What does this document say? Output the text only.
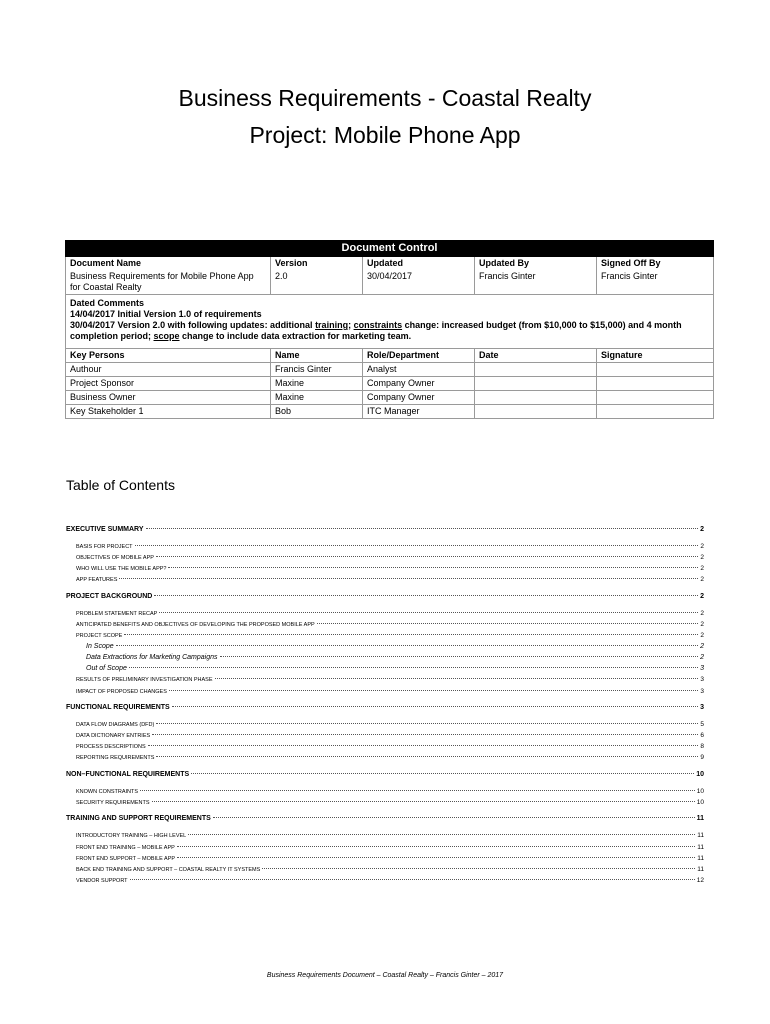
Business Requirements - Coastal Realty
Project: Mobile Phone App
Document Control				
Document Name	Version	Updated	Updated By	Signed Off By
Business Requirements for Mobile Phone App for Coastal Realty	2.0	30/04/2017	Francis Ginter	Francis Ginter

Dated Comments
14/04/2017 Initial Version 1.0 of requirements
30/04/2017 Version 2.0 with following updates: additional training; constraints change: increased budget (from $10,000 to $15,000) and 4 month completion period; scope change to include data extraction for marketing team.				

Key Persons	Name	Role/Department	Date	Signature
Authour	Francis Ginter	Analyst		
Project Sponsor	Maxine	Company Owner		
Business Owner	Maxine	Company Owner		
Key Stakeholder 1	Bob	ITC Manager		
Table of Contents
EXECUTIVE SUMMARY	2
BASIS FOR PROJECT	2
OBJECTIVES OF MOBILE APP	2
WHO WILL USE THE MOBILE APP?	2
APP FEATURES	2
PROJECT BACKGROUND	2
PROBLEM STATEMENT RECAP	2
ANTICIPATED BENEFITS AND OBJECTIVES OF DEVELOPING THE PROPOSED MOBILE APP	2
PROJECT SCOPE	2
In Scope	2
Data Extractions for Marketing Campaigns	2
Out of Scope	3
RESULTS OF PRELIMINARY INVESTIGATION PHASE	3
IMPACT OF PROPOSED CHANGES	3
FUNCTIONAL REQUIREMENTS	3
DATA FLOW DIAGRAMS (DFD)	5
DATA DICTIONARY ENTRIES	6
PROCESS DESCRIPTIONS	8
REPORTING REQUIREMENTS	9
NON–FUNCTIONAL REQUIREMENTS	10
KNOWN CONSTRAINTS	10
SECURITY REQUIREMENTS	10
TRAINING AND SUPPORT REQUIREMENTS	11
INTRODUCTORY TRAINING – HIGH LEVEL	11
FRONT END TRAINING – MOBILE APP	11
FRONT END SUPPORT – MOBILE APP	11
BACK END TRAINING AND SUPPORT – COASTAL REALTY IT SYSTEMS	11
VENDOR SUPPORT	12
Business Requirements Document – Coastal Realty – Francis Ginter – 2017
